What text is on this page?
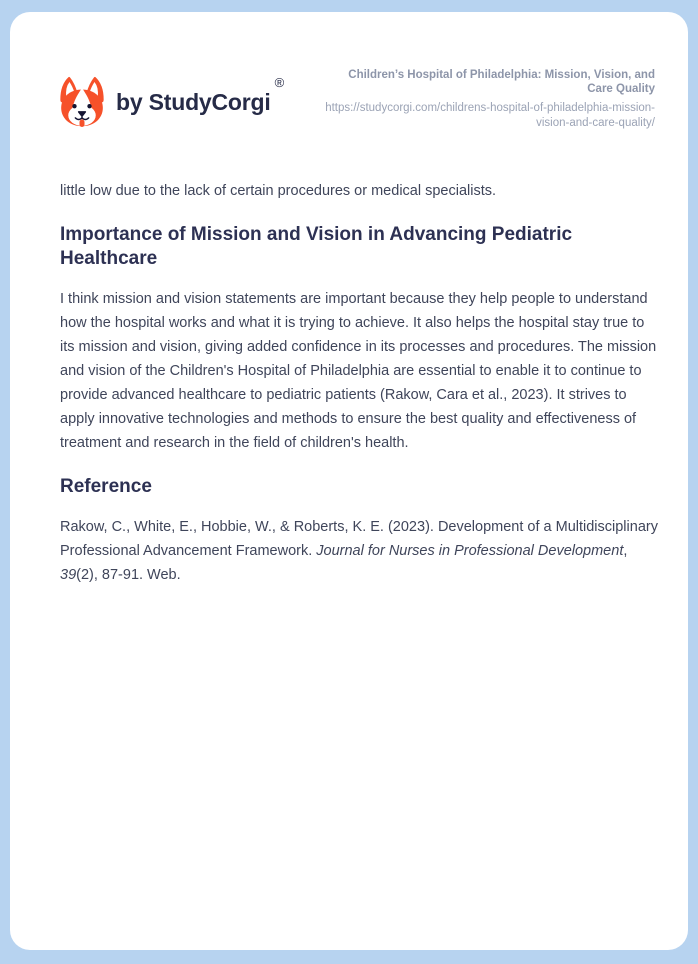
by StudyCorgi
®	Children’s Hospital of Philadelphia: Mission, Vision, and Care Quality
https://studycorgi.com/childrens-hospital-of-philadelphia-mission-vision-and-care-quality/

little low due to the lack of certain procedures or medical specialists.

Importance of Mission and Vision in Advancing Pediatric Healthcare

I think mission and vision statements are important because they help people to understand how the hospital works and what it is trying to achieve. It also helps the hospital stay true to its mission and vision, giving added confidence in its processes and procedures. The mission and vision of the Children's Hospital of Philadelphia are essential to enable it to continue to provide advanced healthcare to pediatric patients (Rakow, Cara et al., 2023). It strives to apply innovative technologies and methods to ensure the best quality and effectiveness of treatment and research in the field of children's health.

Reference

Rakow, C., White, E., Hobbie, W., & Roberts, K. E. (2023). Development of a Multidisciplinary Professional Advancement Framework. Journal for Nurses in Professional Development, 39(2), 87-91. Web.
